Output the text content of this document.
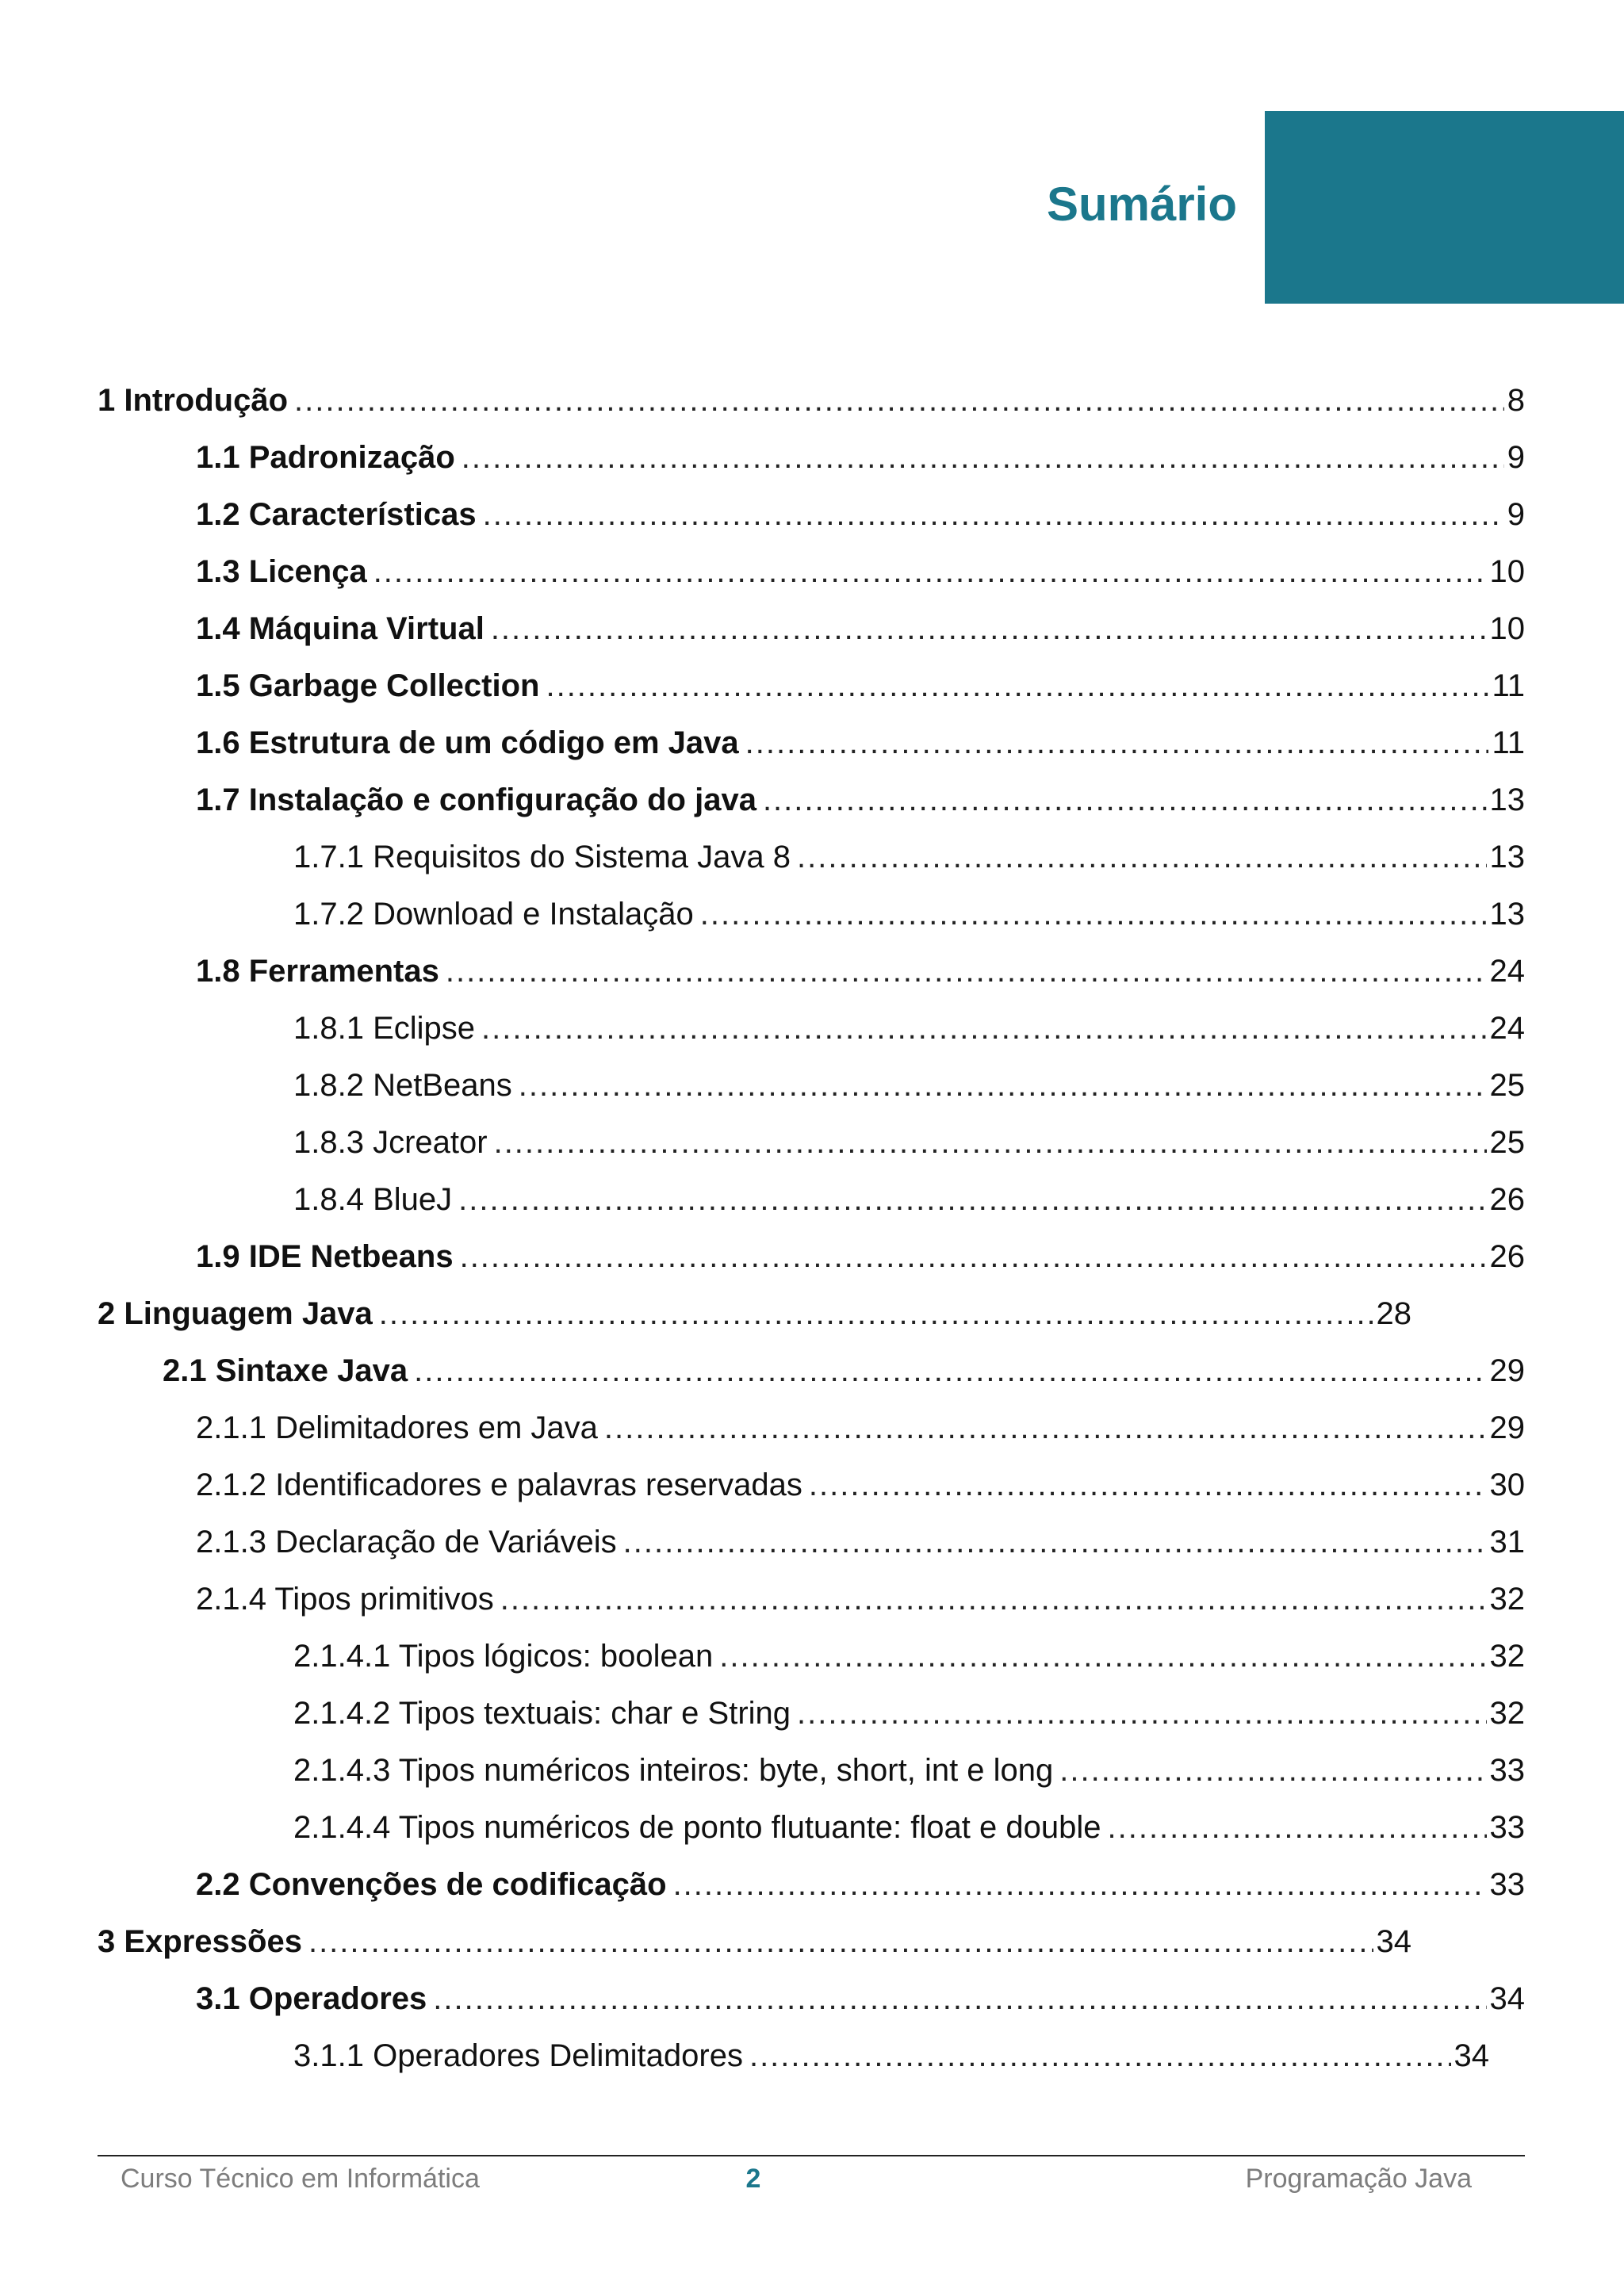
Sumário
1 Introdução .....	8
1.1 Padronização .....	9
1.2 Características .....	9
1.3 Licença .....	10
1.4 Máquina Virtual .....	10
1.5 Garbage Collection .....	11
1.6 Estrutura de um código em Java .....	11
1.7 Instalação e configuração do java .....	13
1.7.1 Requisitos do Sistema Java 8 .....	13
1.7.2 Download e Instalação .....	13
1.8 Ferramentas .....	24
1.8.1 Eclipse .....	24
1.8.2 NetBeans .....	25
1.8.3 Jcreator .....	25
1.8.4 BlueJ .....	26
1.9 IDE Netbeans .....	26
2 Linguagem Java .....	28
2.1 Sintaxe Java .....	29
2.1.1 Delimitadores em Java .....	29
2.1.2 Identificadores e palavras reservadas .....	30
2.1.3 Declaração de Variáveis .....	31
2.1.4 Tipos primitivos .....	32
2.1.4.1 Tipos lógicos: boolean .....	32
2.1.4.2 Tipos textuais: char e String .....	32
2.1.4.3 Tipos numéricos inteiros: byte, short, int e long .....	33
2.1.4.4 Tipos numéricos de ponto flutuante: float e double .....	33
2.2 Convenções de codificação .....	33
3 Expressões .....	34
3.1 Operadores .....	34
3.1.1 Operadores Delimitadores .....	34
Curso Técnico em Informática	2	Programação Java
